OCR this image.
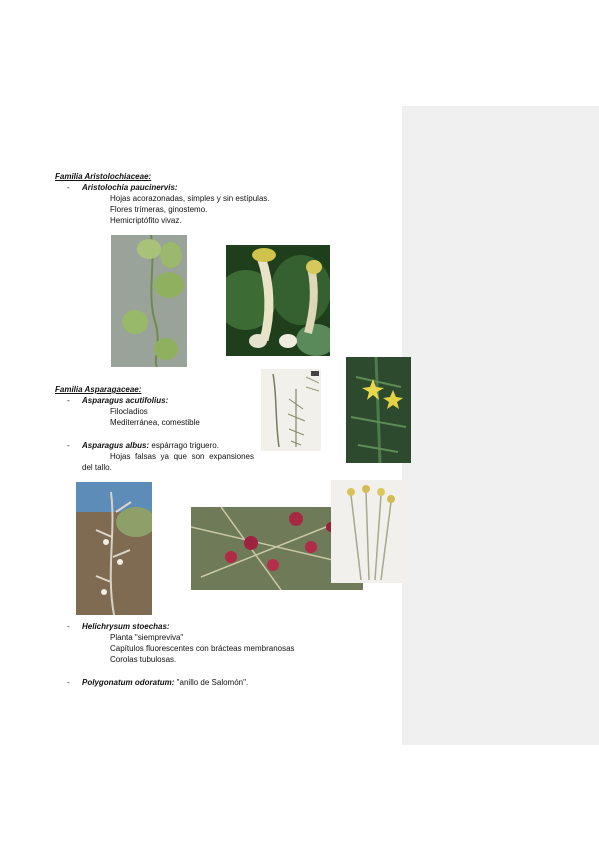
Familia Aristolochiaceae:
- Aristolochia paucinervis:
Hojas acorazonadas, simples y sin estípulas.
Flores trímeras, ginostemo.
Hemicriptófito vivaz.
Familia Asparagaceae:
- Asparagus acutifolius:
Filocladios
Mediterránea, comestible
- Asparagus albus: espárrago triguero.
Hojas falsas ya que son expansiones
del tallo.
- Helichrysum stoechas:
Planta "siempreviva"
Capítulos fluorescentes con brácteas membranosas
Corolas tubulosas.
- Polygonatum odoratum: "anillo de Salomón".
